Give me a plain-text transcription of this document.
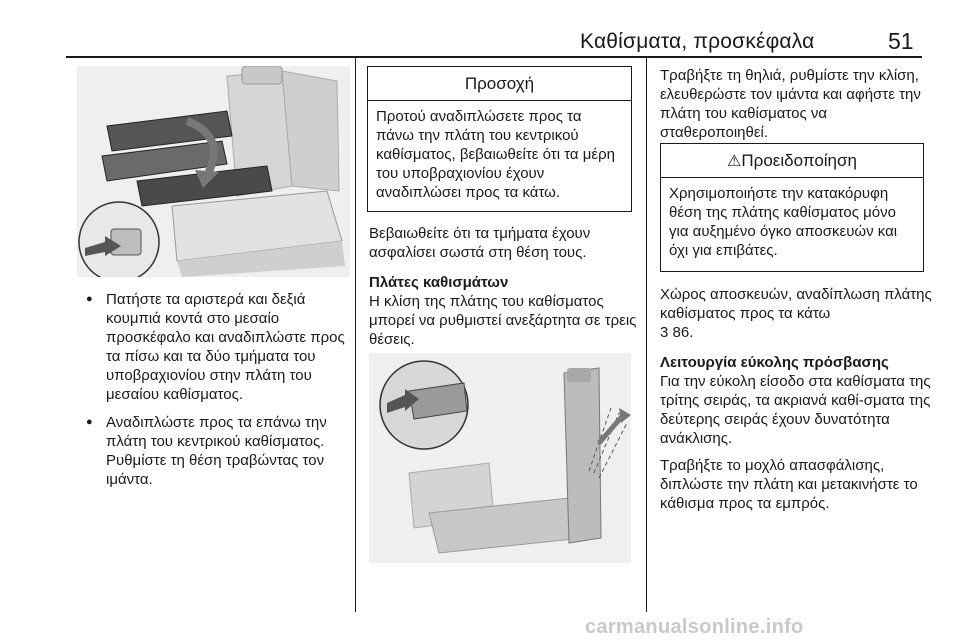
Καθίσματα, προσκέφαλα	51
● Πατήστε τα αριστερά και δεξιά κουμπιά κοντά στο μεσαίο προσκέφαλο και αναδιπλώστε προς τα πίσω και τα δύο τμήματα του υποβραχιονίου στην πλάτη του μεσαίου καθίσματος.
● Αναδιπλώστε προς τα επάνω την πλάτη του κεντρικού καθίσματος. Ρυθμίστε τη θέση τραβώντας τον ιμάντα.
Προσοχή
Προτού αναδιπλώσετε προς τα πάνω την πλάτη του κεντρικού καθίσματος, βεβαιωθείτε ότι τα μέρη του υποβραχιονίου έχουν αναδιπλώσει προς τα κάτω.

Βεβαιωθείτε ότι τα τμήματα έχουν ασφαλίσει σωστά στη θέση τους.

Πλάτες καθισμάτων

Η κλίση της πλάτης του καθίσματος μπορεί να ρυθμιστεί ανεξάρτητα σε τρεις θέσεις.

Τραβήξτε τη θηλιά, ρυθμίστε την κλίση, ελευθερώστε τον ιμάντα και αφήστε την πλάτη του καθίσματος να σταθεροποιηθεί.

⚠Προειδοποίηση
Χρησιμοποιήστε την κατακόρυφη θέση της πλάτης καθίσματος μόνο για αυξημένο όγκο αποσκευών και όχι για επιβάτες.

Χώρος αποσκευών, αναδίπλωση πλάτης καθίσματος προς τα κάτω

3 86.

Λειτουργία εύκολης πρόσβασης

Για την εύκολη είσοδο στα καθίσματα της τρίτης σειράς, τα ακριανά καθί-σματα της δεύτερης σειράς έχουν δυνατότητα ανάκλισης.

Τραβήξτε το μοχλό απασφάλισης, διπλώστε την πλάτη και μετακινήστε το κάθισμα προς τα εμπρός.

carmanualsonline.info
